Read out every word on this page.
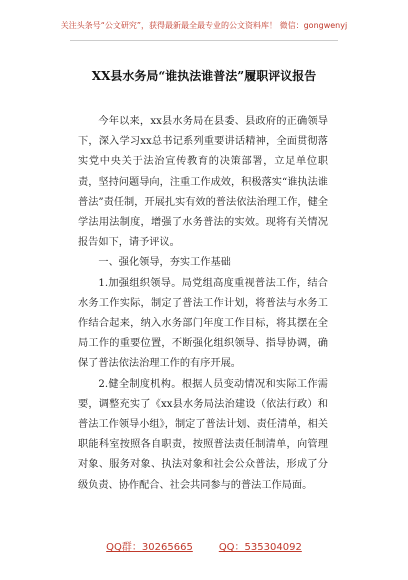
关注头条号“公文研究”，获得最新最全最专业的公文资料库！ 微信：gongwenyj
XX县水务局“谁执法谁普法”履职评议报告

今年以来，xx县水务局在县委、县政府的正确领导下，深入学习xx总书记系列重要讲话精神，全面贯彻落实党中央关于法治宣传教育的决策部署，立足单位职责，坚持问题导向，注重工作成效，积极落实“谁执法谁普法”责任制，开展扎实有效的普法依法治理工作，健全学法用法制度，增强了水务普法的实效。现将有关情况报告如下，请予评议。

一、强化领导，夯实工作基础

1.加强组织领导。局党组高度重视普法工作，结合水务工作实际，制定了普法工作计划，将普法与水务工作结合起来，纳入水务部门年度工作目标，将其摆在全局工作的重要位置，不断强化组织领导、指导协调，确保了普法依法治理工作的有序开展。

2.健全制度机构。根据人员变动情况和实际工作需要，调整充实了《xx县水务局法治建设（依法行政）和普法工作领导小组》，制定了普法计划、责任清单，相关职能科室按照各自职责，按照普法责任制清单，向管理对象、服务对象、执法对象和社会公众普法，形成了分级负责、协作配合、社会共同参与的普法工作局面。

QQ群：30265665	QQ：535304092
